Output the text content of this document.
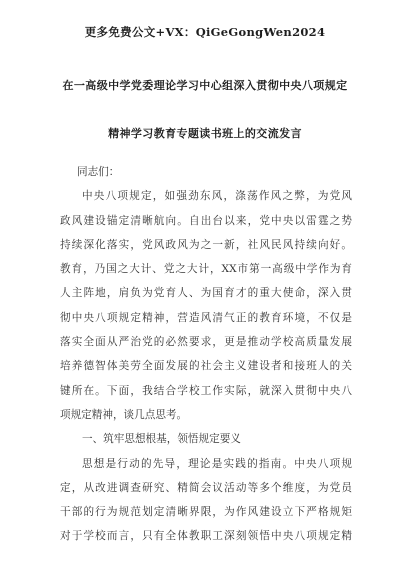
更多免费公文+VX：QiGeGongWen2024
在一高级中学党委理论学习中心组深入贯彻中央八项规定
精神学习教育专题读书班上的交流发言
同志们：
中央八项规定，如强劲东风，涤荡作风之弊，为党风
政风建设锚定清晰航向。自出台以来，党中央以雷霆之势
持续深化落实，党风政风为之一新，社风民风持续向好。
教育，乃国之大计、党之大计，XX市第一高级中学作为育
人主阵地，肩负为党育人、为国育才的重大使命，深入贯
彻中央八项规定精神，营造风清气正的教育环境，不仅是
落实全面从严治党的必然要求，更是推动学校高质量发展
培养德智体美劳全面发展的社会主义建设者和接班人的关
键所在。下面，我结合学校工作实际，就深入贯彻中央八
项规定精神，谈几点思考。
一、筑牢思想根基，领悟规定要义
思想是行动的先导，理论是实践的指南。中央八项规
定，从改进调查研究、精简会议活动等多个维度，为党员
干部的行为规范划定清晰界限，为作风建设立下严格规矩
对于学校而言，只有全体教职工深刻领悟中央八项规定精
